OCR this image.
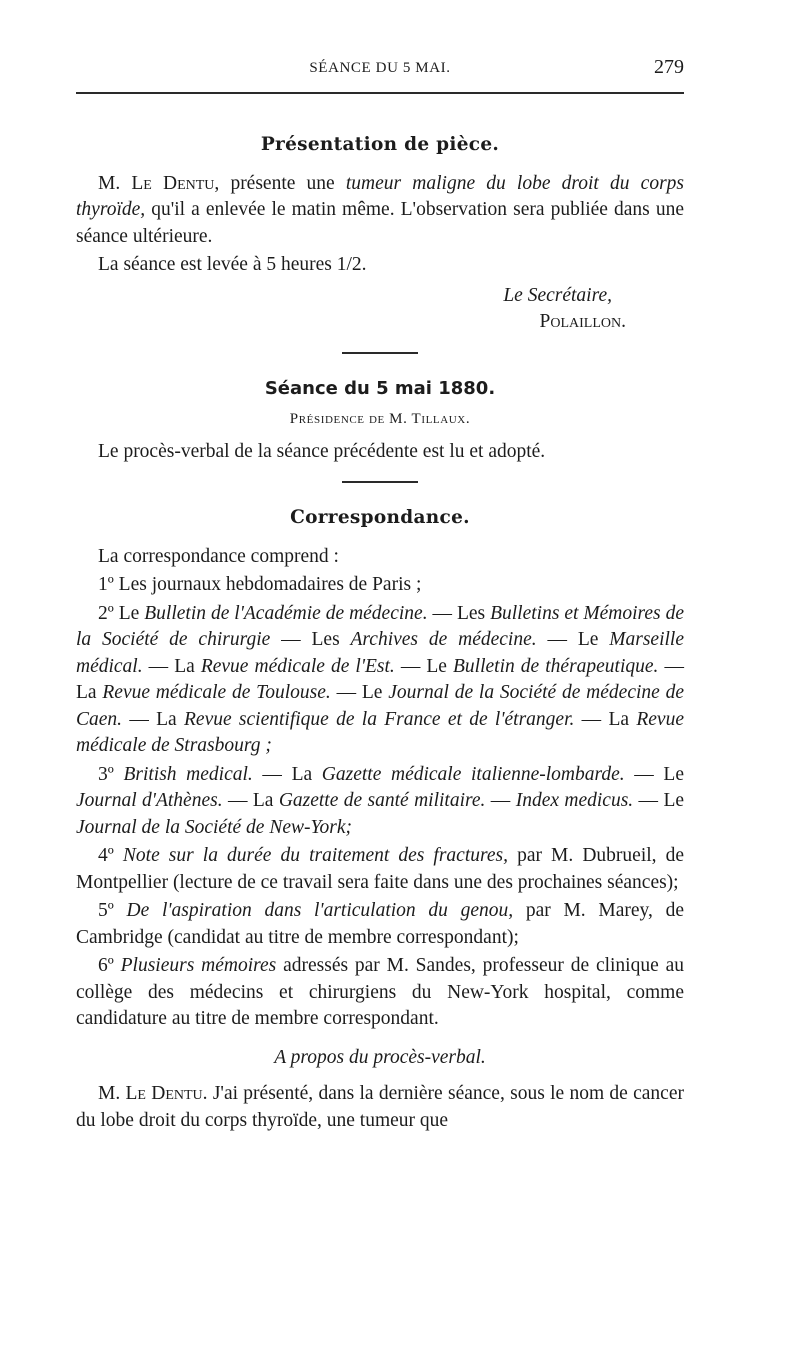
SÉANCE DU 5 MAI.	279
Présentation de pièce.

M. Le Dentu, présente une tumeur maligne du lobe droit du corps thyroïde, qu'il a enlevée le matin même. L'observation sera publiée dans une séance ultérieure.

La séance est levée à 5 heures 1/2.

Le Secrétaire,
Polaillon.
Séance du 5 mai 1880.
Présidence de M. Tillaux.

Le procès-verbal de la séance précédente est lu et adopté.

Correspondance.

La correspondance comprend :

1º Les journaux hebdomadaires de Paris ;

2º Le Bulletin de l'Académie de médecine. — Les Bulletins et Mémoires de la Société de chirurgie — Les Archives de médecine. — Le Marseille médical. — La Revue médicale de l'Est. — Le Bulletin de thérapeutique. — La Revue médicale de Toulouse. — Le Journal de la Société de médecine de Caen. — La Revue scientifique de la France et de l'étranger. — La Revue médicale de Strasbourg ;

3º British medical. — La Gazette médicale italienne-lombarde. — Le Journal d'Athènes. — La Gazette de santé militaire. — Index medicus. — Le Journal de la Société de New-York;

4º Note sur la durée du traitement des fractures, par M. Dubrueil, de Montpellier (lecture de ce travail sera faite dans une des prochaines séances);

5º De l'aspiration dans l'articulation du genou, par M. Marey, de Cambridge (candidat au titre de membre correspondant);

6º Plusieurs mémoires adressés par M. Sandes, professeur de clinique au collège des médecins et chirurgiens du New-York hospital, comme candidature au titre de membre correspondant.

A propos du procès-verbal.

M. Le Dentu. J'ai présenté, dans la dernière séance, sous le nom de cancer du lobe droit du corps thyroïde, une tumeur que
